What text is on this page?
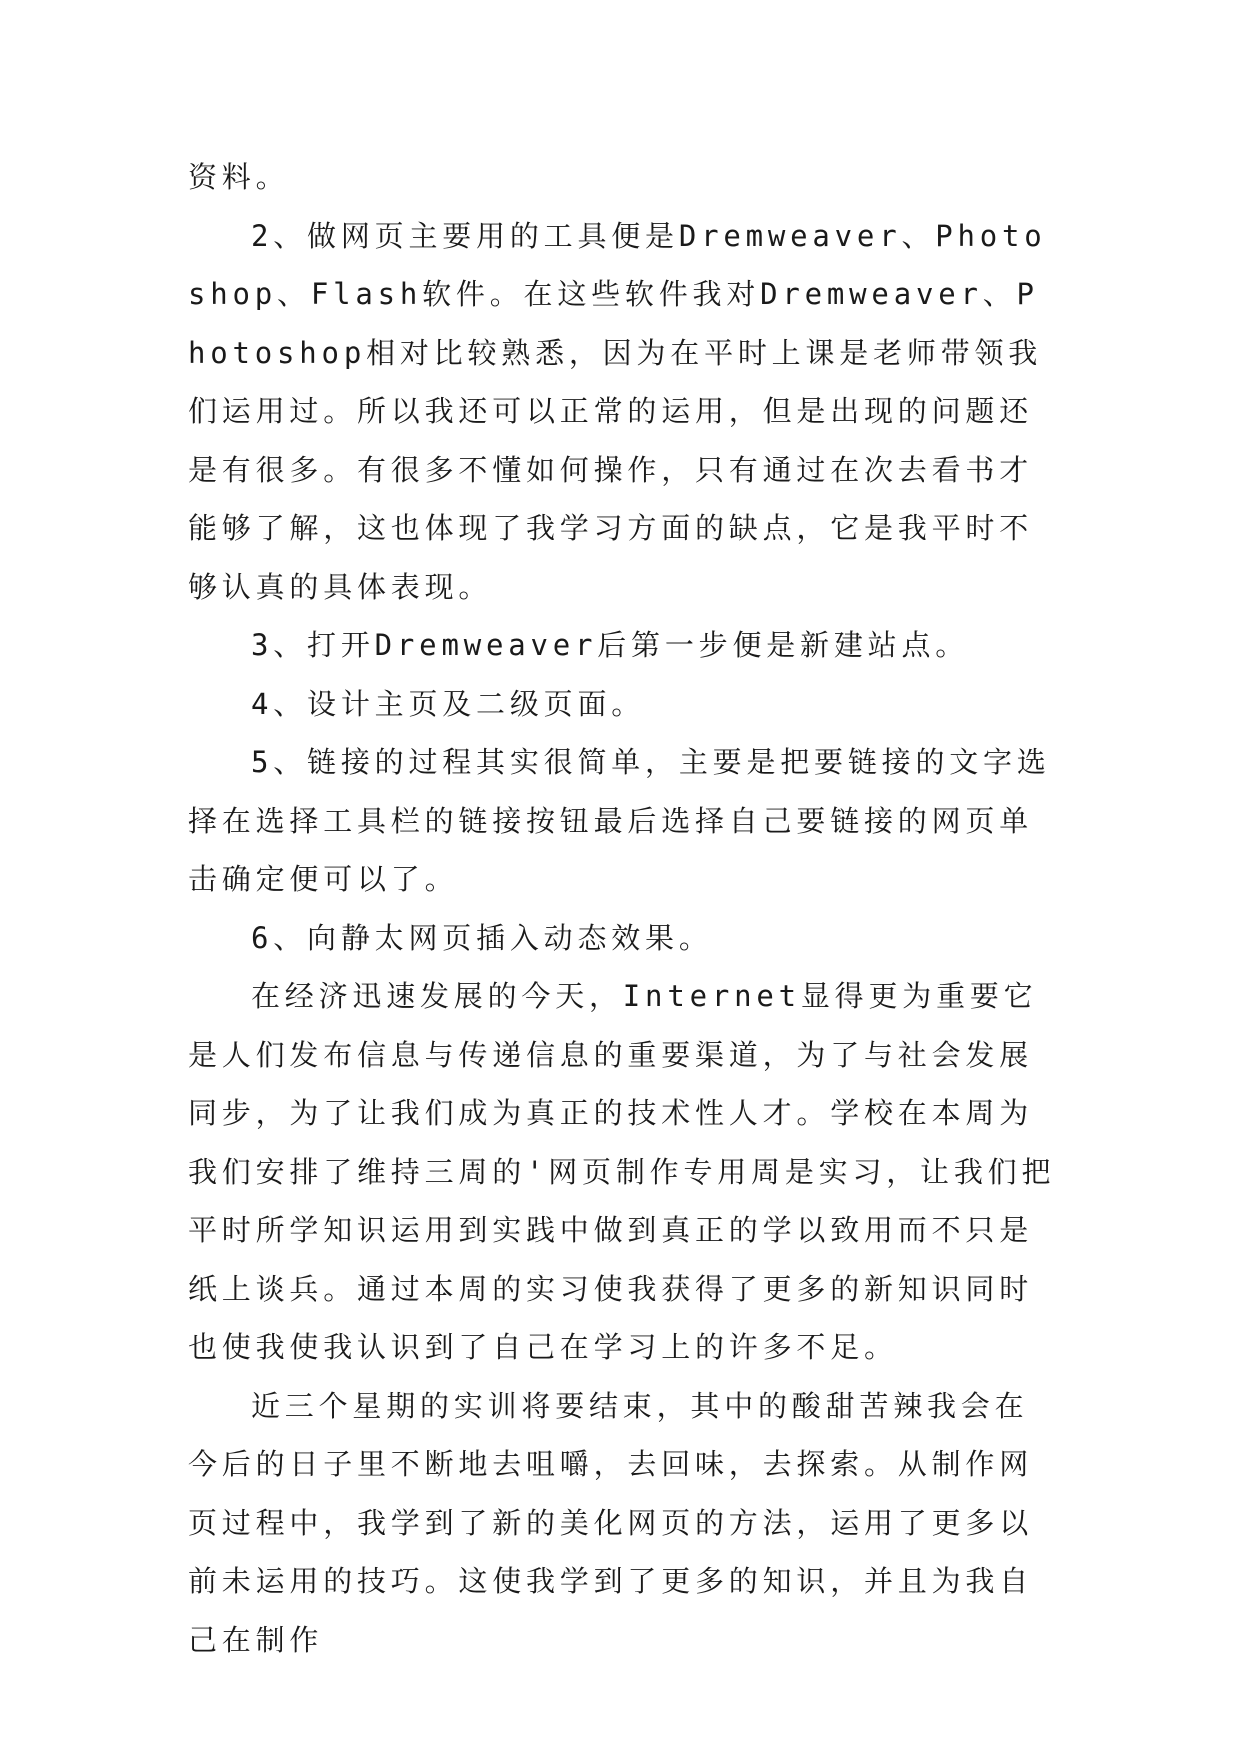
资料。

2、做网页主要用的工具便是Dremweaver、Photoshop、Flash软件。在这些软件我对Dremweaver、Photoshop相对比较熟悉，因为在平时上课是老师带领我们运用过。所以我还可以正常的运用，但是出现的问题还是有很多。有很多不懂如何操作，只有通过在次去看书才能够了解，这也体现了我学习方面的缺点，它是我平时不够认真的具体表现。

3、打开Dremweaver后第一步便是新建站点。

4、设计主页及二级页面。

5、链接的过程其实很简单，主要是把要链接的文字选择在选择工具栏的链接按钮最后选择自己要链接的网页单击确定便可以了。

6、向静太网页插入动态效果。

在经济迅速发展的今天，Internet显得更为重要它是人们发布信息与传递信息的重要渠道，为了与社会发展同步，为了让我们成为真正的技术性人才。学校在本周为我们安排了维持三周的'网页制作专用周是实习，让我们把平时所学知识运用到实践中做到真正的学以致用而不只是纸上谈兵。通过本周的实习使我获得了更多的新知识同时也使我使我认识到了自己在学习上的许多不足。

近三个星期的实训将要结束，其中的酸甜苦辣我会在今后的日子里不断地去咀嚼，去回味，去探索。从制作网页过程中，我学到了新的美化网页的方法，运用了更多以前未运用的技巧。这使我学到了更多的知识，并且为我自己在制作
